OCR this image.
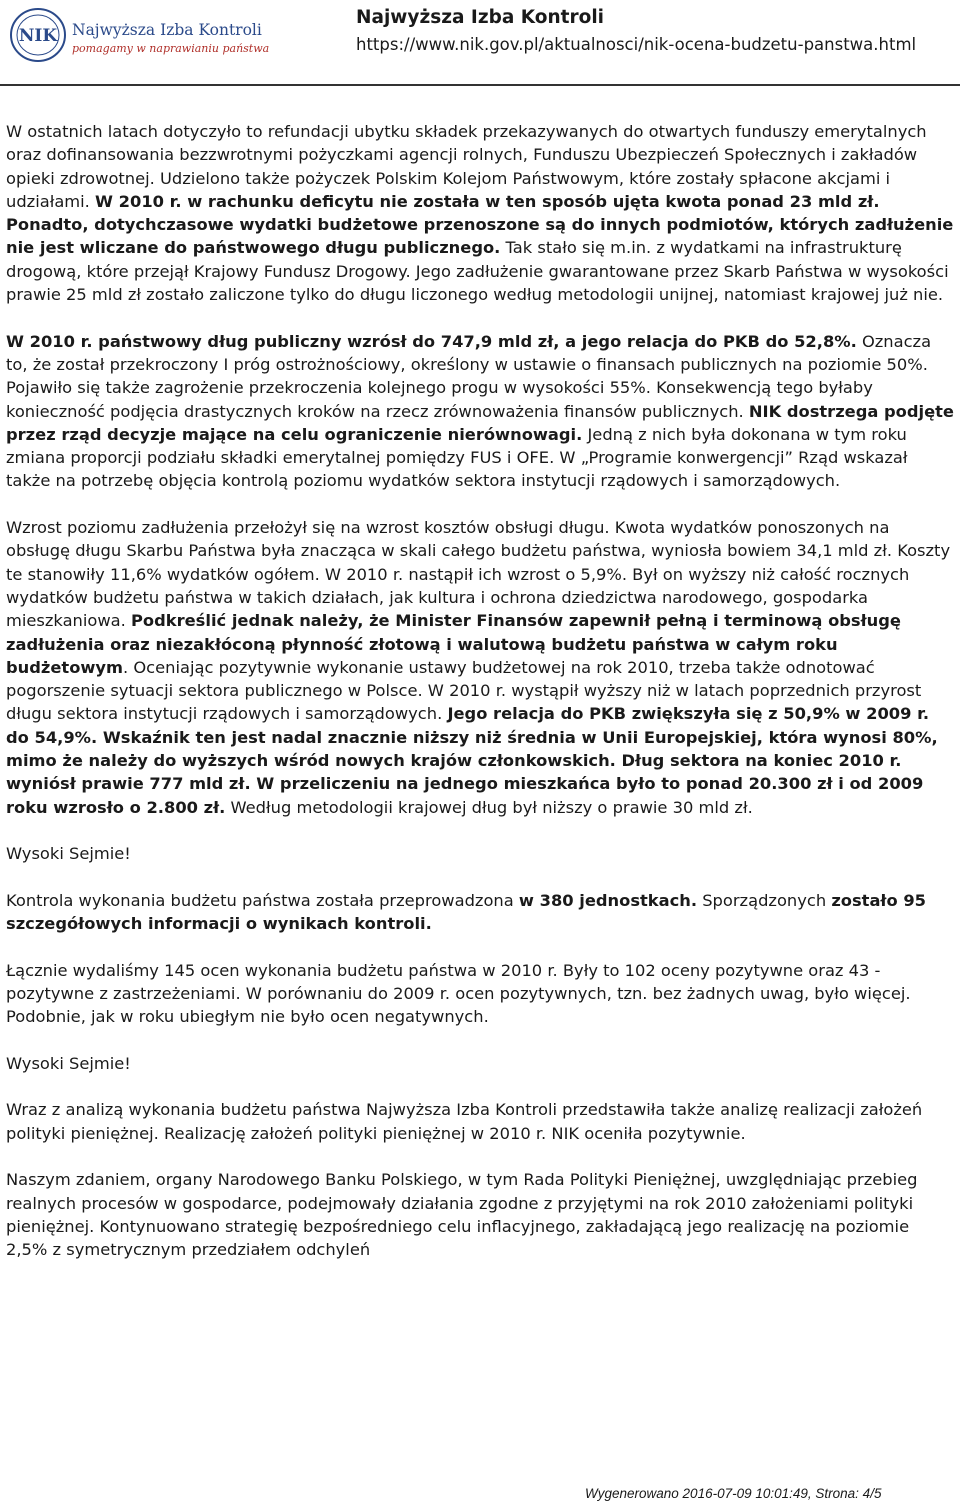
NIK Najwyższa Izba Kontroli
pomagamy w naprawianiu państwa
Najwyższa Izba Kontroli
https://www.nik.gov.pl/aktualnosci/nik-ocena-budzetu-panstwa.html

W ostatnich latach dotyczyło to refundacji ubytku składek przekazywanych do otwartych funduszy emerytalnych oraz dofinansowania bezzwrotnymi pożyczkami agencji rolnych, Funduszu Ubezpieczeń Społecznych i zakładów opieki zdrowotnej. Udzielono także pożyczek Polskim Kolejom Państwowym, które zostały spłacone akcjami i udziałami. W 2010 r. w rachunku deficytu nie została w ten sposób ujęta kwota ponad 23 mld zł. Ponadto, dotychczasowe wydatki budżetowe przenoszone są do innych podmiotów, których zadłużenie nie jest wliczane do państwowego długu publicznego. Tak stało się m.in. z wydatkami na infrastrukturę drogową, które przejął Krajowy Fundusz Drogowy. Jego zadłużenie gwarantowane przez Skarb Państwa w wysokości prawie 25 mld zł zostało zaliczone tylko do długu liczonego według metodologii unijnej, natomiast krajowej już nie.

W 2010 r. państwowy dług publiczny wzrósł do 747,9 mld zł, a jego relacja do PKB do 52,8%. Oznacza to, że został przekroczony I próg ostrożnościowy, określony w ustawie o finansach publicznych na poziomie 50%. Pojawiło się także zagrożenie przekroczenia kolejnego progu w wysokości 55%. Konsekwencją tego byłaby konieczność podjęcia drastycznych kroków na rzecz zrównoważenia finansów publicznych. NIK dostrzega podjęte przez rząd decyzje mające na celu ograniczenie nierównowagi. Jedną z nich była dokonana w tym roku zmiana proporcji podziału składki emerytalnej pomiędzy FUS i OFE. W „Programie konwergencji” Rząd wskazał także na potrzebę objęcia kontrolą poziomu wydatków sektora instytucji rządowych i samorządowych.

Wzrost poziomu zadłużenia przełożył się na wzrost kosztów obsługi długu. Kwota wydatków ponoszonych na obsługę długu Skarbu Państwa była znacząca w skali całego budżetu państwa, wyniosła bowiem 34,1 mld zł. Koszty te stanowiły 11,6% wydatków ogółem. W 2010 r. nastąpił ich wzrost o 5,9%. Był on wyższy niż całość rocznych wydatków budżetu państwa w takich działach, jak kultura i ochrona dziedzictwa narodowego, gospodarka mieszkaniowa. Podkreślić jednak należy, że Minister Finansów zapewnił pełną i terminową obsługę zadłużenia oraz niezakłóconą płynność złotową i walutową budżetu państwa w całym roku budżetowym. Oceniając pozytywnie wykonanie ustawy budżetowej na rok 2010, trzeba także odnotować pogorszenie sytuacji sektora publicznego w Polsce. W 2010 r. wystąpił wyższy niż w latach poprzednich przyrost długu sektora instytucji rządowych i samorządowych. Jego relacja do PKB zwiększyła się z 50,9% w 2009 r. do 54,9%. Wskaźnik ten jest nadal znacznie niższy niż średnia w Unii Europejskiej, która wynosi 80%, mimo że należy do wyższych wśród nowych krajów członkowskich. Dług sektora na koniec 2010 r. wyniósł prawie 777 mld zł. W przeliczeniu na jednego mieszkańca było to ponad 20.300 zł i od 2009 roku wzrosło o 2.800 zł. Według metodologii krajowej dług był niższy o prawie 30 mld zł.

Wysoki Sejmie!

Kontrola wykonania budżetu państwa została przeprowadzona w 380 jednostkach. Sporządzonych zostało 95 szczegółowych informacji o wynikach kontroli.

Łącznie wydaliśmy 145 ocen wykonania budżetu państwa w 2010 r. Były to 102 oceny pozytywne oraz 43 - pozytywne z zastrzeżeniami. W porównaniu do 2009 r. ocen pozytywnych, tzn. bez żadnych uwag, było więcej. Podobnie, jak w roku ubiegłym nie było ocen negatywnych.

Wysoki Sejmie!

Wraz z analizą wykonania budżetu państwa Najwyższa Izba Kontroli przedstawiła także analizę realizacji założeń polityki pieniężnej. Realizację założeń polityki pieniężnej w 2010 r. NIK oceniła pozytywnie.

Naszym zdaniem, organy Narodowego Banku Polskiego, w tym Rada Polityki Pieniężnej, uwzględniając przebieg realnych procesów w gospodarce, podejmowały działania zgodne z przyjętymi na rok 2010 założeniami polityki pieniężnej. Kontynuowano strategię bezpośredniego celu inflacyjnego, zakładającą jego realizację na poziomie 2,5% z symetrycznym przedziałem odchyleń

Wygenerowano 2016-07-09 10:01:49, Strona: 4/5
